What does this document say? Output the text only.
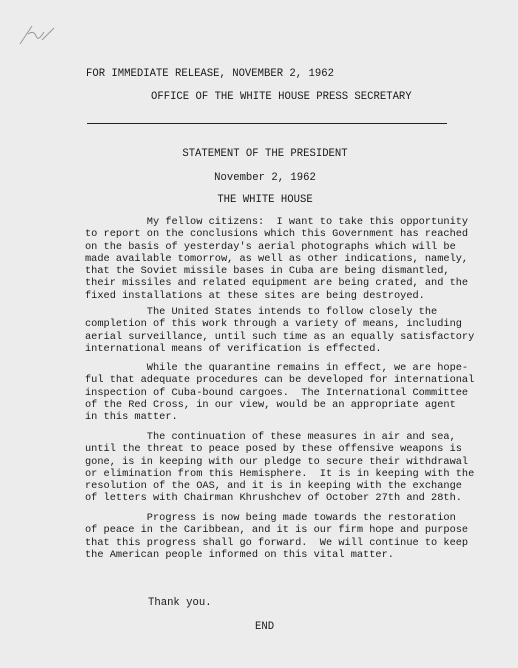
FOR IMMEDIATE RELEASE, NOVEMBER 2, 1962
OFFICE OF THE WHITE HOUSE PRESS SECRETARY
STATEMENT OF THE PRESIDENT
November 2, 1962
THE WHITE HOUSE
My fellow citizens:  I want to take this opportunity
to report on the conclusions which this Government has reached
on the basis of yesterday's aerial photographs which will be
made available tomorrow, as well as other indications, namely,
that the Soviet missile bases in Cuba are being dismantled,
their missiles and related equipment are being crated, and the
fixed installations at these sites are being destroyed.
The United States intends to follow closely the
completion of this work through a variety of means, including
aerial surveillance, until such time as an equally satisfactory
international means of verification is effected.
While the quarantine remains in effect, we are hope-
ful that adequate procedures can be developed for international
inspection of Cuba-bound cargoes.  The International Committee
of the Red Cross, in our view, would be an appropriate agent
in this matter.
The continuation of these measures in air and sea,
until the threat to peace posed by these offensive weapons is
gone, is in keeping with our pledge to secure their withdrawal
or elimination from this Hemisphere.  It is in keeping with the
resolution of the OAS, and it is in keeping with the exchange
of letters with Chairman Khrushchev of October 27th and 28th.
Progress is now being made towards the restoration
of peace in the Caribbean, and it is our firm hope and purpose
that this progress shall go forward.  We will continue to keep
the American people informed on this vital matter.
Thank you.
END
